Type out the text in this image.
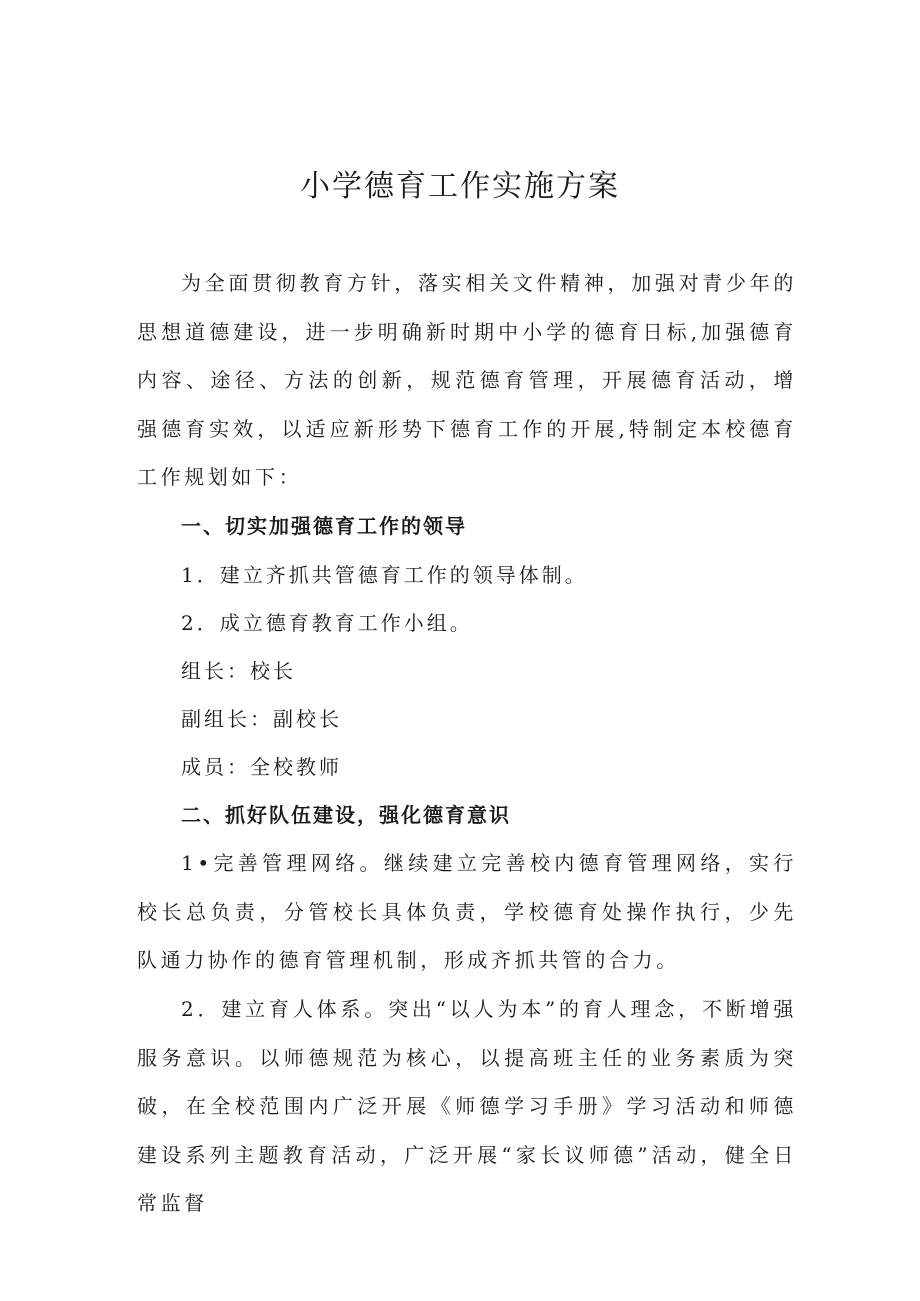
小学德育工作实施方案

为全面贯彻教育方针，落实相关文件精神，加强对青少年的思想道德建设，进一步明确新时期中小学的德育日标,加强德育内容、途径、方法的创新，规范德育管理，开展德育活动，增强德育实效，以适应新形势下德育工作的开展,特制定本校德育工作规划如下：

一、切实加强德育工作的领导

1．建立齐抓共管德育工作的领导体制。

2．成立德育教育工作小组。

组长：校长

副组长：副校长

成员：全校教师

二、抓好队伍建设，强化德育意识

1•完善管理网络。继续建立完善校内德育管理网络，实行校长总负责，分管校长具体负责，学校德育处操作执行，少先队通力协作的德育管理机制，形成齐抓共管的合力。

2．建立育人体系。突出“以人为本”的育人理念，不断增强服务意识。以师德规范为核心，以提高班主任的业务素质为突破，在全校范围内广泛开展《师德学习手册》学习活动和师德建设系列主题教育活动，广泛开展“家长议师德”活动，健全日常监督
